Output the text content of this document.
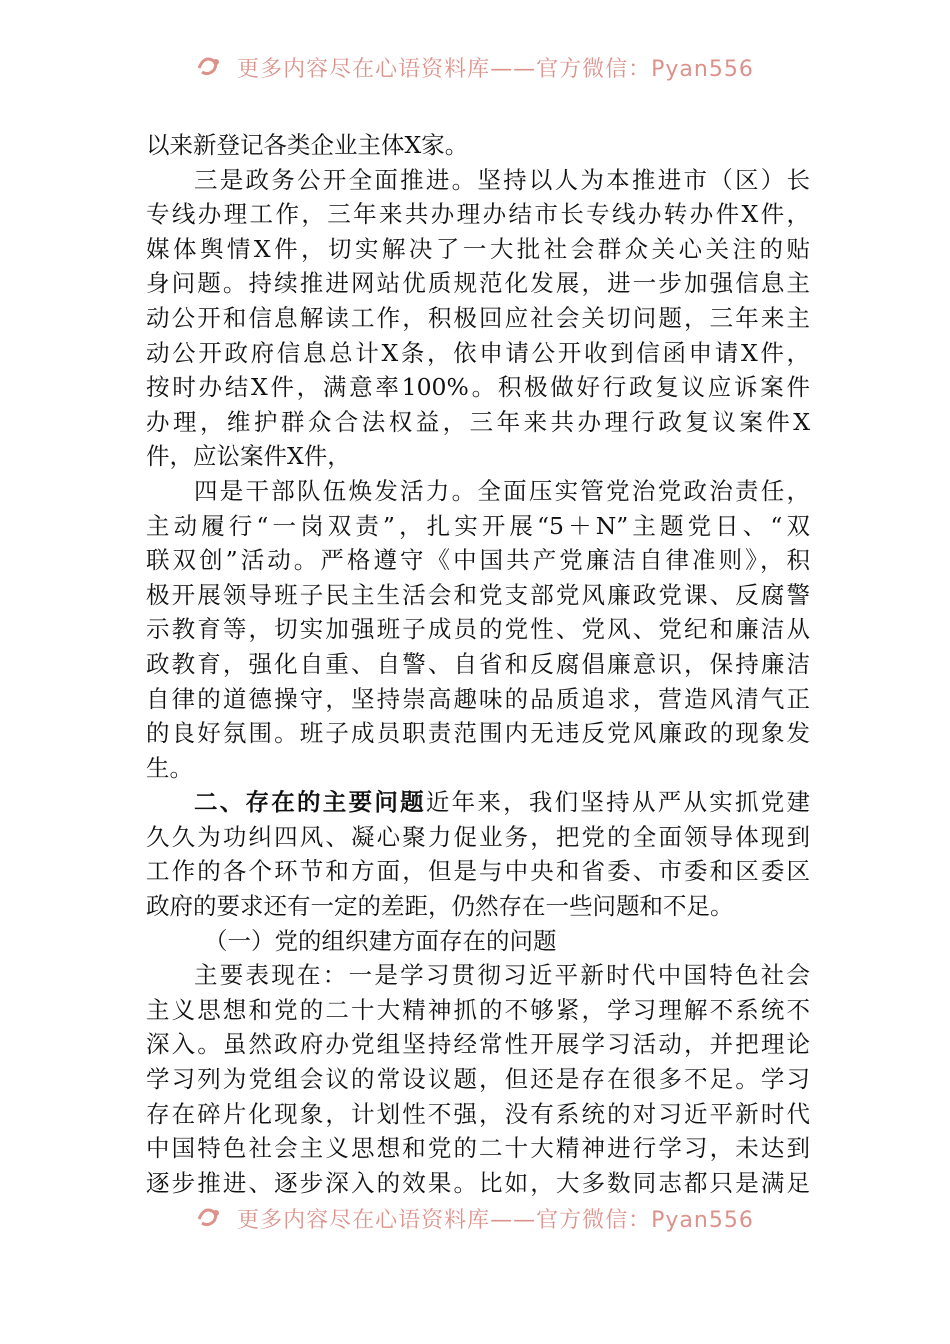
更多内容尽在心语资料库——官方微信：Pyan556
以来新登记各类企业主体X家。
三是政务公开全面推进。坚持以人为本推进市（区）长
专线办理工作，三年来共办理办结市长专线办转办件X件，
媒体舆情X件，切实解决了一大批社会群众关心关注的贴
身问题。持续推进网站优质规范化发展，进一步加强信息主
动公开和信息解读工作，积极回应社会关切问题，三年来主
动公开政府信息总计X条，依申请公开收到信函申请X件，
按时办结X件，满意率100%。积极做好行政复议应诉案件
办理，维护群众合法权益，三年来共办理行政复议案件X
件，应讼案件X件，
四是干部队伍焕发活力。全面压实管党治党政治责任，
主动履行“一岗双责”，扎实开展“5＋N”主题党日、“双
联双创”活动。严格遵守《中国共产党廉洁自律准则》，积
极开展领导班子民主生活会和党支部党风廉政党课、反腐警
示教育等，切实加强班子成员的党性、党风、党纪和廉洁从
政教育，强化自重、自警、自省和反腐倡廉意识，保持廉洁
自律的道德操守，坚持崇高趣味的品质追求，营造风清气正
的良好氛围。班子成员职责范围内无违反党风廉政的现象发
生。
二、存在的主要问题近年来，我们坚持从严从实抓党建
久久为功纠四风、凝心聚力促业务，把党的全面领导体现到
工作的各个环节和方面，但是与中央和省委、市委和区委区
政府的要求还有一定的差距，仍然存在一些问题和不足。
（一）党的组织建方面存在的问题
主要表现在：一是学习贯彻习近平新时代中国特色社会
主义思想和党的二十大精神抓的不够紧，学习理解不系统不
深入。虽然政府办党组坚持经常性开展学习活动，并把理论
学习列为党组会议的常设议题，但还是存在很多不足。学习
存在碎片化现象，计划性不强，没有系统的对习近平新时代
中国特色社会主义思想和党的二十大精神进行学习，未达到
逐步推进、逐步深入的效果。比如，大多数同志都只是满足
更多内容尽在心语资料库——官方微信：Pyan556
